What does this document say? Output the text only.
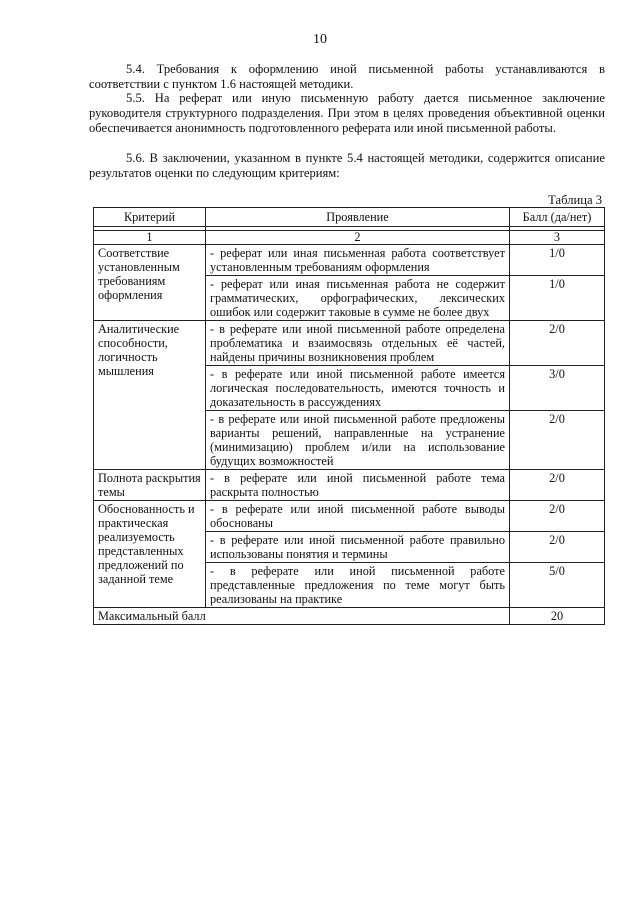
10

5.4. Требования к оформлению иной письменной работы устанавливаются в соответствии с пунктом 1.6 настоящей методики.

5.5. На реферат или иную письменную работу дается письменное заключение руководителя структурного подразделения. При этом в целях проведения объективной оценки обеспечивается анонимность подготовленного реферата или иной письменной работы.

5.6. В заключении, указанном в пункте 5.4 настоящей методики, содержится описание результатов оценки по следующим критериям:

Таблица 3
Критерий	Проявление	Балл (да/нет)

1	2	3
Соответствие установленным требованиям оформления	- реферат или иная письменная работа соответствует установленным требованиям оформления	1/0
	- реферат или иная письменная работа не содержит грамматических, орфографических, лексических ошибок или содержит таковые в сумме не более двух	1/0
Аналитические способности, логичность мышления	- в реферате или иной письменной работе определена проблематика и взаимосвязь отдельных её частей, найдены причины возникновения проблем	2/0
	- в реферате или иной письменной работе имеется логическая последовательность, имеются точность и доказательность в рассуждениях	3/0
	- в реферате или иной письменной работе предложены варианты решений, направленные на устранение (минимизацию) проблем и/или на использование будущих возможностей	2/0
Полнота раскрытия темы	- в реферате или иной письменной работе тема раскрыта полностью	2/0
Обоснованность и практическая реализуемость представленных предложений по заданной теме	- в реферате или иной письменной работе выводы обоснованы	2/0
	- в реферате или иной письменной работе правильно использованы понятия и термины	2/0
	- в реферате или иной письменной работе представленные предложения по теме могут быть реализованы на практике	5/0
Максимальный балл		20
